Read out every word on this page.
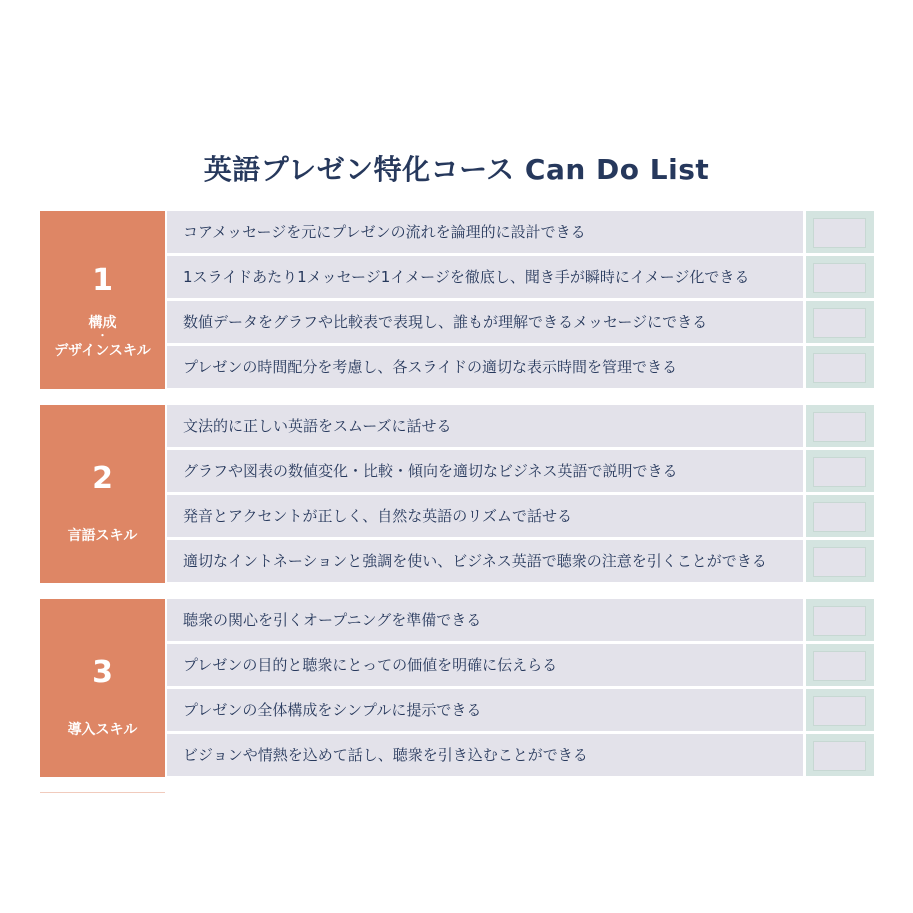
英語プレゼン特化コース Can Do List
1
構成
・
デザインスキル
コアメッセージを元にプレゼンの流れを論理的に設計できる
1スライドあたり1メッセージ1イメージを徹底し、聞き手が瞬時にイメージ化できる
数値データをグラフや比較表で表現し、誰もが理解できるメッセージにできる
プレゼンの時間配分を考慮し、各スライドの適切な表示時間を管理できる
2
言語スキル
文法的に正しい英語をスムーズに話せる
グラフや図表の数値変化・比較・傾向を適切なビジネス英語で説明できる
発音とアクセントが正しく、自然な英語のリズムで話せる
適切なイントネーションと強調を使い、ビジネス英語で聴衆の注意を引くことができる
3
導入スキル
聴衆の関心を引くオープニングを準備できる
プレゼンの目的と聴衆にとっての価値を明確に伝えらる
プレゼンの全体構成をシンプルに提示できる
ビジョンや情熱を込めて話し、聴衆を引き込むことができる
